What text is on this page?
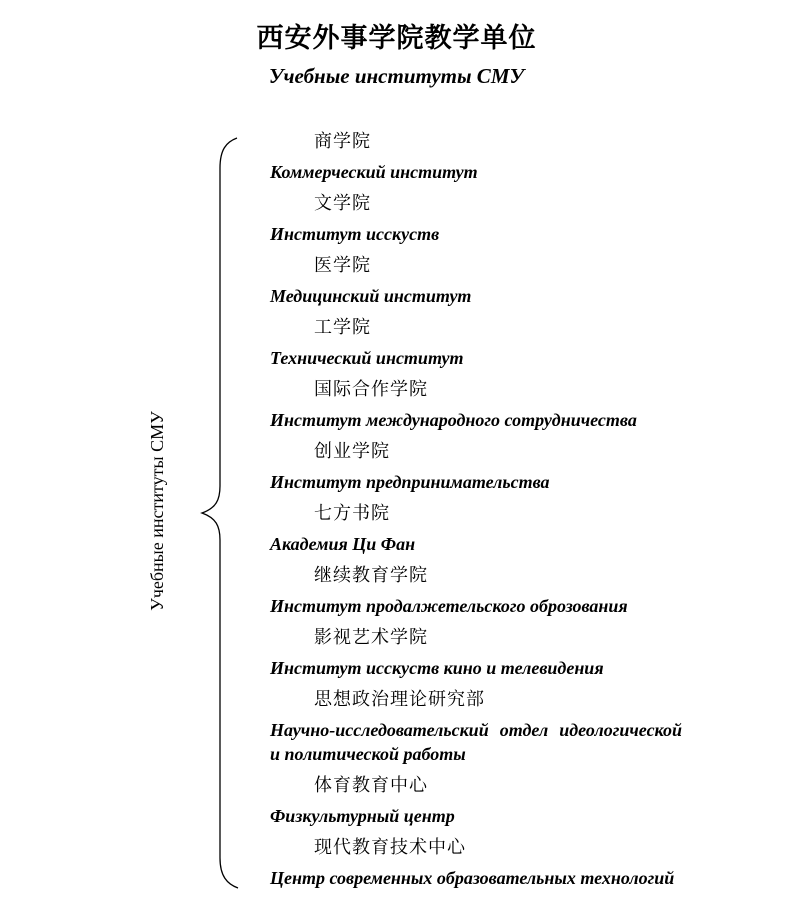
西安外事学院教学单位
Учебные институты СМУ
Учебные институты СМУ
商学院
Коммерческий институт
文学院
Институт исскуств
医学院
Медицинский институт
工学院
Технический институт
国际合作学院
Институт международного сотрудничества
创业学院
Институт предпринимательства
七方书院
Академия Ци Фан
继续教育学院
Институт продалжетельского оброзования
影视艺术学院
Институт исскуств кино и телевидения
思想政治理论研究部
Научно-исследовательский отдел идеологической и политической работы
体育教育中心
Физкультурный центр
现代教育技术中心
Центр современных образовательных технологий
